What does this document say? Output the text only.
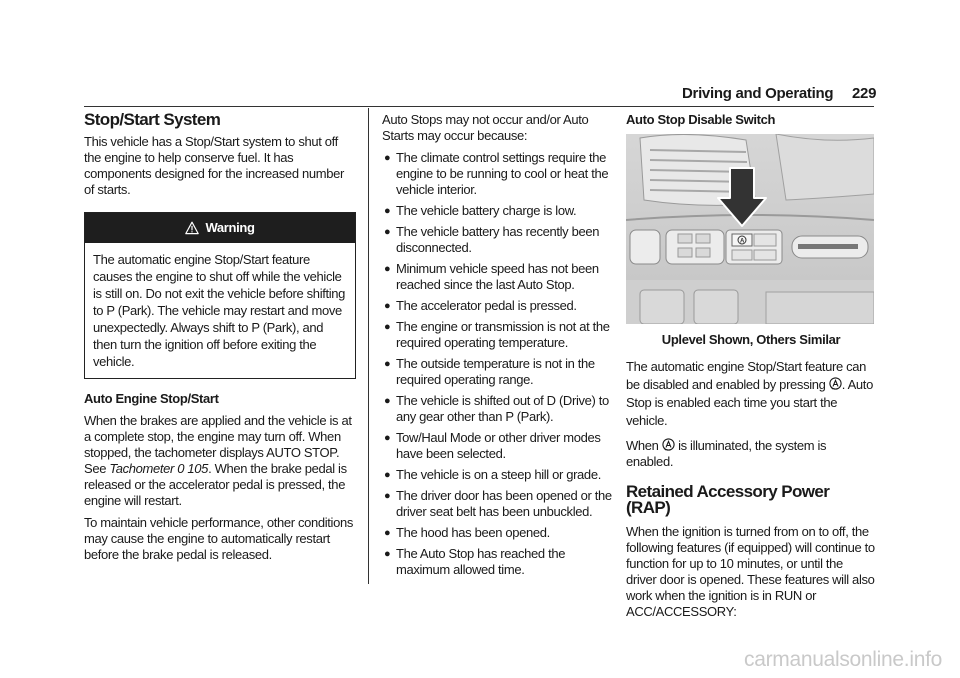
Driving and Operating 229
Stop/Start System

This vehicle has a Stop/Start system to shut off the engine to help conserve fuel. It has components designed for the increased number of starts.

Warning
The automatic engine Stop/Start feature causes the engine to shut off while the vehicle is still on. Do not exit the vehicle before shifting to P (Park). The vehicle may restart and move unexpectedly. Always shift to P (Park), and then turn the ignition off before exiting the vehicle.

Auto Engine Stop/Start

When the brakes are applied and the vehicle is at a complete stop, the engine may turn off. When stopped, the tachometer displays AUTO STOP. See Tachometer 0 105. When the brake pedal is released or the accelerator pedal is pressed, the engine will restart.

To maintain vehicle performance, other conditions may cause the engine to automatically restart before the brake pedal is released.

Auto Stops may not occur and/or Auto Starts may occur because:

● The climate control settings require the engine to be running to cool or heat the vehicle interior.
● The vehicle battery charge is low.
● The vehicle battery has recently been disconnected.
● Minimum vehicle speed has not been reached since the last Auto Stop.
● The accelerator pedal is pressed.
● The engine or transmission is not at the required operating temperature.
● The outside temperature is not in the required operating range.
● The vehicle is shifted out of D (Drive) to any gear other than P (Park).
● Tow/Haul Mode or other driver modes have been selected.
● The vehicle is on a steep hill or grade.
● The driver door has been opened or the driver seat belt has been unbuckled.
● The hood has been opened.
● The Auto Stop has reached the maximum allowed time.

Auto Stop Disable Switch

A

Uplevel Shown, Others Similar

The automatic engine Stop/Start feature can be disabled and enabled by pressing . Auto Stop is enabled each time you start the vehicle.

When  is illuminated, the system is enabled.

Retained Accessory Power (RAP)

When the ignition is turned from on to off, the following features (if equipped) will continue to function for up to 10 minutes, or until the driver door is opened. These features will also work when the ignition is in RUN or ACC/ACCESSORY:

carmanualsonline.info
